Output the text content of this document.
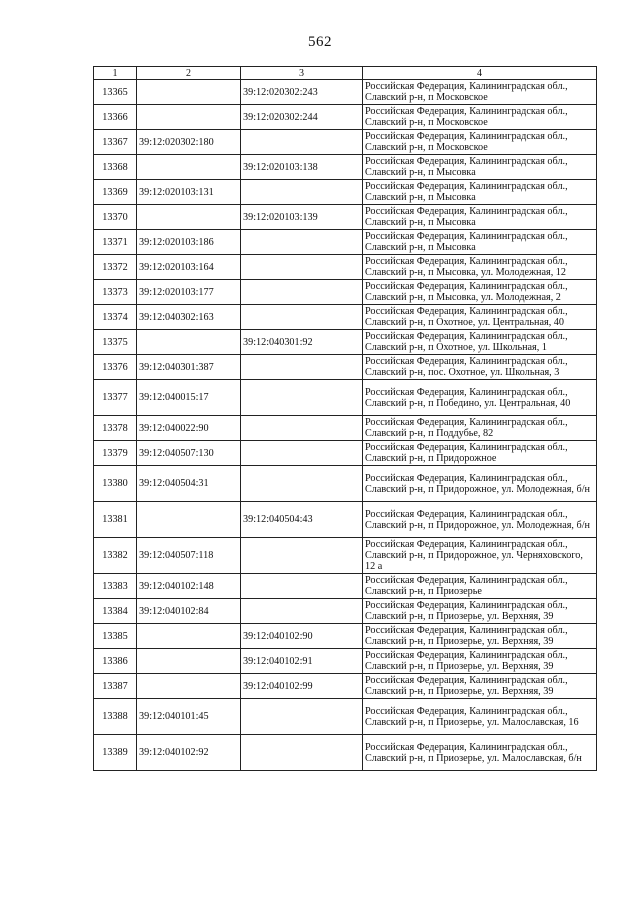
562
1	2	3	4
13365		39:12:020302:243	Российская Федерация, Калининградская обл., Славский р-н, п Московское
13366		39:12:020302:244	Российская Федерация, Калининградская обл., Славский р-н, п Московское
13367	39:12:020302:180		Российская Федерация, Калининградская обл., Славский р-н, п Московское
13368		39:12:020103:138	Российская Федерация, Калининградская обл., Славский р-н, п Мысовка
13369	39:12:020103:131		Российская Федерация, Калининградская обл., Славский р-н, п Мысовка
13370		39:12:020103:139	Российская Федерация, Калининградская обл., Славский р-н, п Мысовка
13371	39:12:020103:186		Российская Федерация, Калининградская обл., Славский р-н, п Мысовка
13372	39:12:020103:164		Российская Федерация, Калининградская обл., Славский р-н, п Мысовка, ул. Молодежная, 12
13373	39:12:020103:177		Российская Федерация, Калининградская обл., Славский р-н, п Мысовка, ул. Молодежная, 2
13374	39:12:040302:163		Российская Федерация, Калининградская обл., Славский р-н, п Охотное, ул. Центральная, 40
13375		39:12:040301:92	Российская Федерация, Калининградская обл., Славский р-н, п Охотное, ул. Школьная, 1
13376	39:12:040301:387		Российская Федерация, Калининградская обл., Славский р-н, пос. Охотное, ул. Школьная, 3
13377	39:12:040015:17		Российская Федерация, Калининградская обл., Славский р-н, п Победино, ул. Центральная, 40
13378	39:12:040022:90		Российская Федерация, Калининградская обл., Славский р-н, п Поддубье, 82
13379	39:12:040507:130		Российская Федерация, Калининградская обл., Славский р-н, п Придорожное
13380	39:12:040504:31		Российская Федерация, Калининградская обл., Славский р-н, п Придорожное, ул. Молодежная, б/н
13381		39:12:040504:43	Российская Федерация, Калининградская обл., Славский р-н, п Придорожное, ул. Молодежная, б/н
13382	39:12:040507:118		Российская Федерация, Калининградская обл., Славский р-н, п Придорожное, ул. Черняховского, 12 а
13383	39:12:040102:148		Российская Федерация, Калининградская обл., Славский р-н, п Приозерье
13384	39:12:040102:84		Российская Федерация, Калининградская обл., Славский р-н, п Приозерье, ул. Верхняя, 39
13385		39:12:040102:90	Российская Федерация, Калининградская обл., Славский р-н, п Приозерье, ул. Верхняя, 39
13386		39:12:040102:91	Российская Федерация, Калининградская обл., Славский р-н, п Приозерье, ул. Верхняя, 39
13387		39:12:040102:99	Российская Федерация, Калининградская обл., Славский р-н, п Приозерье, ул. Верхняя, 39
13388	39:12:040101:45		Российская Федерация, Калининградская обл., Славский р-н, п Приозерье, ул. Малославская, 16
13389	39:12:040102:92		Российская Федерация, Калининградская обл., Славский р-н, п Приозерье, ул. Малославская, б/н
